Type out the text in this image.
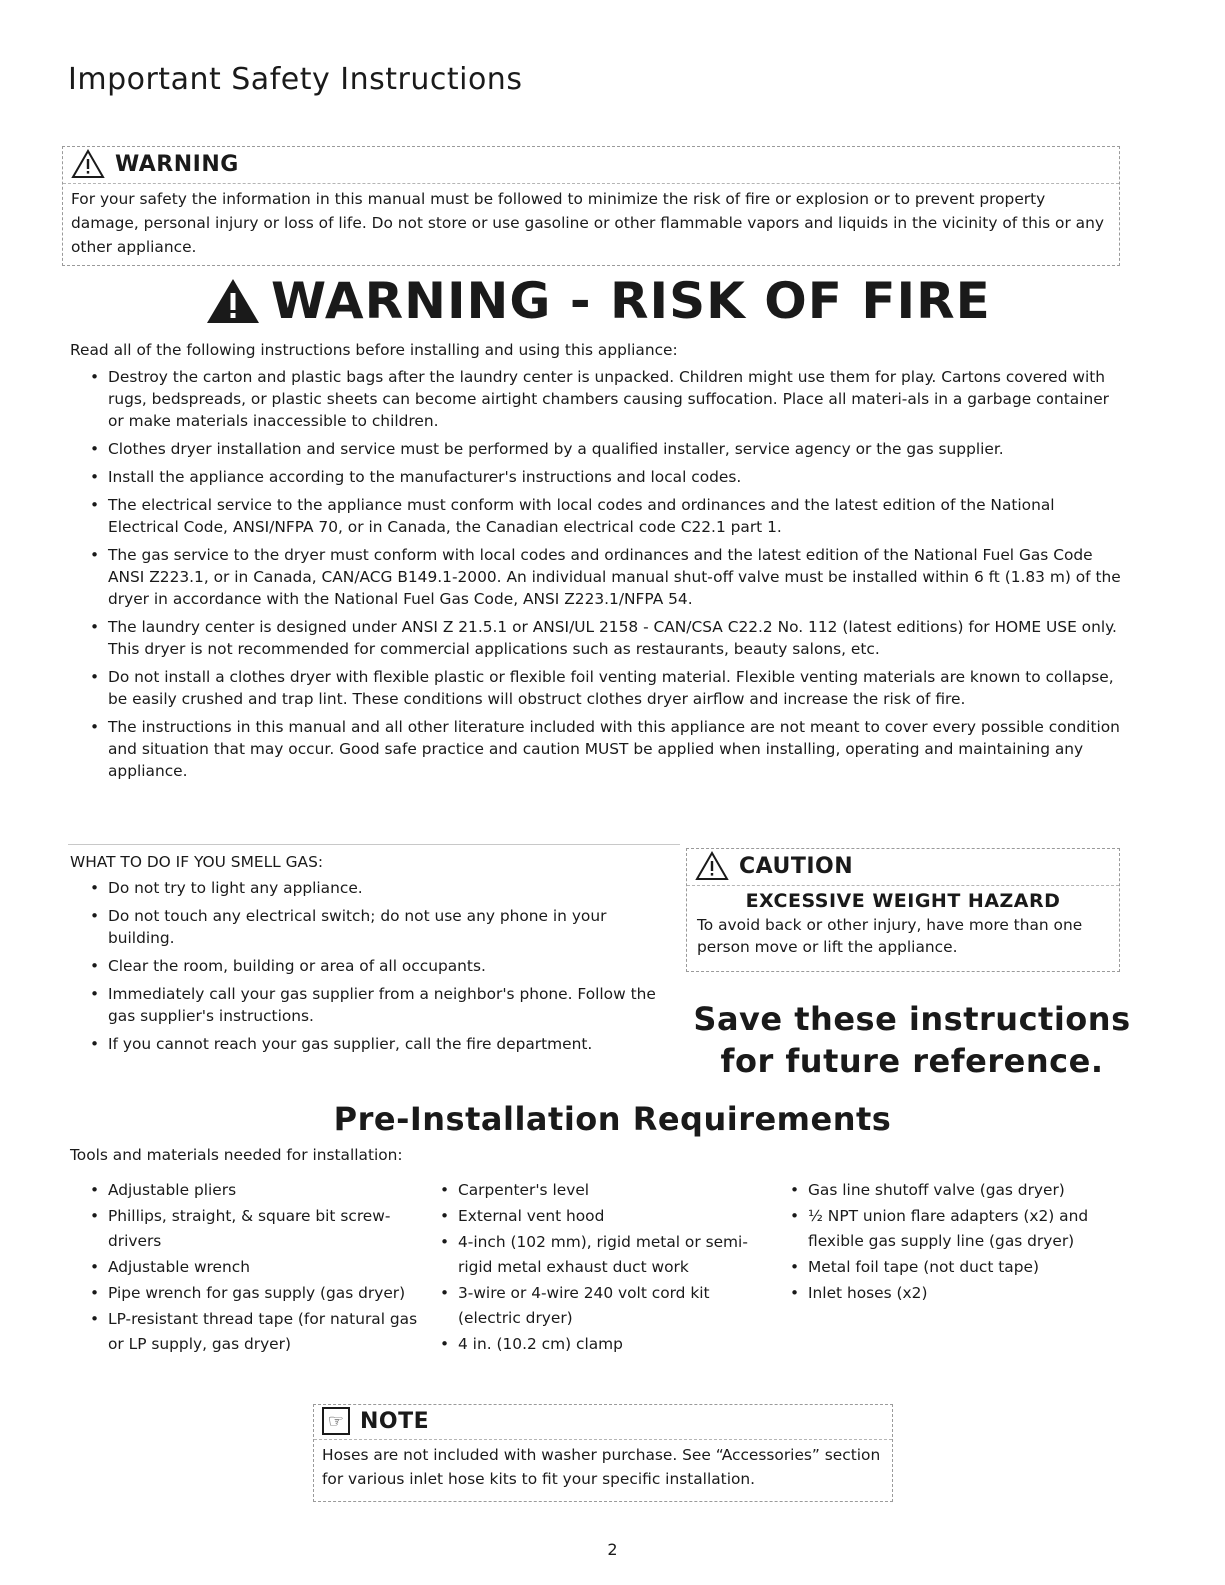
Important Safety Instructions
WARNING
For your safety the information in this manual must be followed to minimize the risk of fire or explosion or to prevent property damage, personal injury or loss of life. Do not store or use gasoline or other flammable vapors and liquids in the vicinity of this or any other appliance.
WARNING - RISK OF FIRE

Read all of the following instructions before installing and using this appliance:

• Destroy the carton and plastic bags after the laundry center is unpacked. Children might use them for play. Cartons covered with rugs, bedspreads, or plastic sheets can become airtight chambers causing suffocation. Place all materi-als in a garbage container or make materials inaccessible to children.
• Clothes dryer installation and service must be performed by a qualified installer, service agency or the gas supplier.
• Install the appliance according to the manufacturer's instructions and local codes.
• The electrical service to the appliance must conform with local codes and ordinances and the latest edition of the National Electrical Code, ANSI/NFPA 70, or in Canada, the Canadian electrical code C22.1 part 1.
• The gas service to the dryer must conform with local codes and ordinances and the latest edition of the National Fuel Gas Code ANSI Z223.1, or in Canada, CAN/ACG B149.1-2000. An individual manual shut-off valve must be installed within 6 ft (1.83 m) of the dryer in accordance with the National Fuel Gas Code, ANSI Z223.1/NFPA 54.
• The laundry center is designed under ANSI Z 21.5.1 or ANSI/UL 2158 - CAN/CSA C22.2 No. 112 (latest editions) for HOME USE only. This dryer is not recommended for commercial applications such as restaurants, beauty salons, etc.
• Do not install a clothes dryer with flexible plastic or flexible foil venting material. Flexible venting materials are known to collapse, be easily crushed and trap lint. These conditions will obstruct clothes dryer airflow and increase the risk of fire.
• The instructions in this manual and all other literature included with this appliance are not meant to cover every possible condition and situation that may occur. Good safe practice and caution MUST be applied when installing, operating and maintaining any appliance.

WHAT TO DO IF YOU SMELL GAS:

• Do not try to light any appliance.
• Do not touch any electrical switch; do not use any phone in your building.
• Clear the room, building or area of all occupants.
• Immediately call your gas supplier from a neighbor's phone. Follow the gas supplier's instructions.
• If you cannot reach your gas supplier, call the fire department.
CAUTION
EXCESSIVE WEIGHT HAZARD
To avoid back or other injury, have more than one person move or lift the appliance.
Save these instructions
for future reference.
Pre-Installation Requirements

Tools and materials needed for installation:

• Adjustable pliers
• Phillips, straight, & square bit screw-drivers
• Adjustable wrench
• Pipe wrench for gas supply (gas dryer)
• LP-resistant thread tape (for natural gas or LP supply, gas dryer)
• Carpenter's level
• External vent hood
• 4-inch (102 mm), rigid metal or semi-rigid metal exhaust duct work
• 3-wire or 4-wire 240 volt cord kit (electric dryer)
• 4 in. (10.2 cm) clamp
• Gas line shutoff valve (gas dryer)
• ½ NPT union flare adapters (x2) and flexible gas supply line (gas dryer)
• Metal foil tape (not duct tape)
• Inlet hoses (x2)
☞ NOTE
Hoses are not included with washer purchase. See “Accessories” section for various inlet hose kits to fit your specific installation.
2
